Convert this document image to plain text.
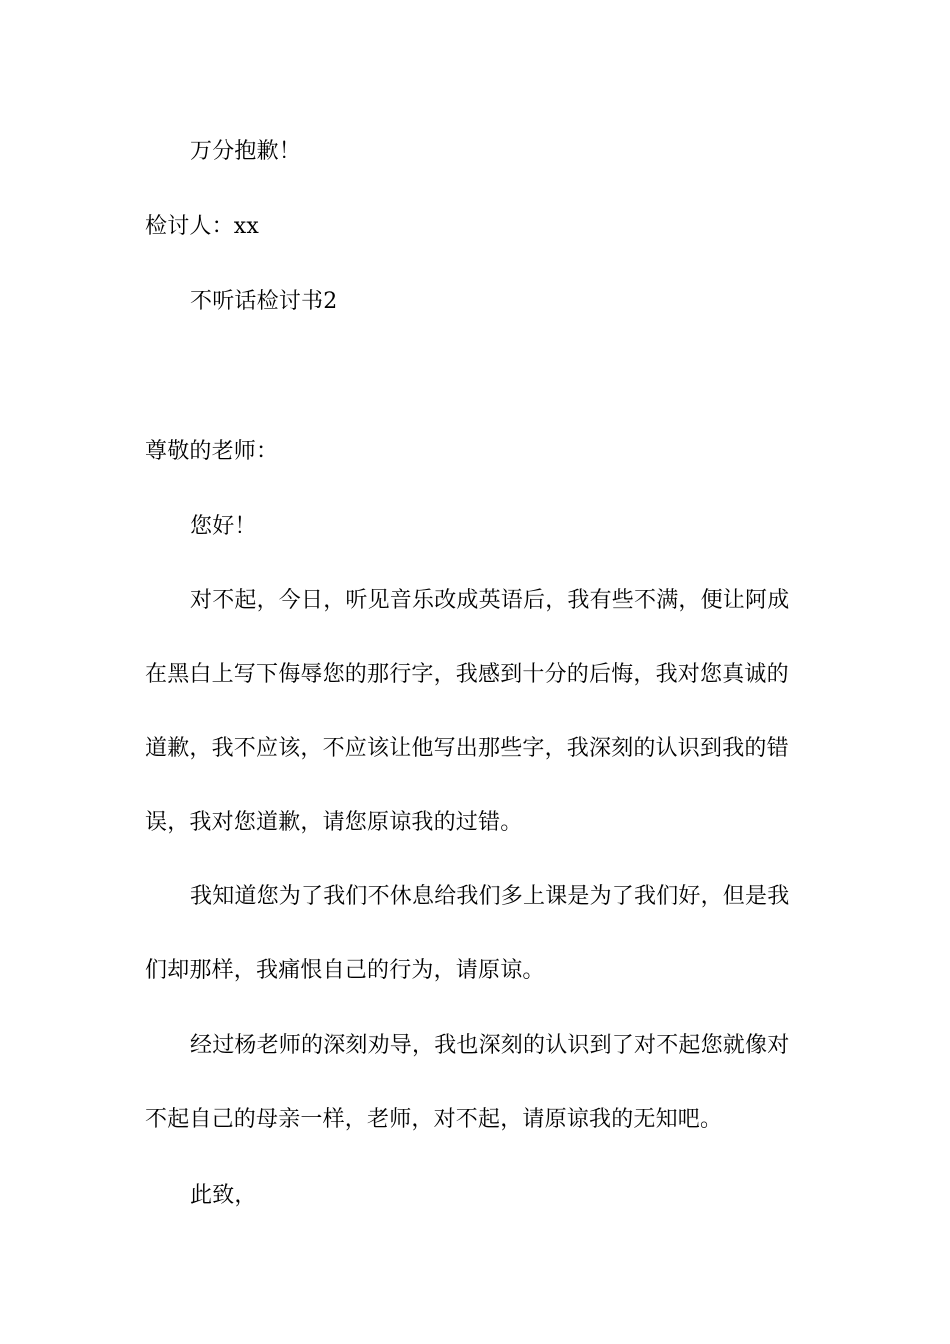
万分抱歉！
检讨人：xx
不听话检讨书2
尊敬的老师：
您好！
对不起，今日，听见音乐改成英语后，我有些不满，便让阿成
在黑白上写下侮辱您的那行字，我感到十分的后悔，我对您真诚的
道歉，我不应该，不应该让他写出那些字，我深刻的认识到我的错
误，我对您道歉，请您原谅我的过错。
我知道您为了我们不休息给我们多上课是为了我们好，但是我
们却那样，我痛恨自己的行为，请原谅。
经过杨老师的深刻劝导，我也深刻的认识到了对不起您就像对
不起自己的母亲一样，老师，对不起，请原谅我的无知吧。
此致，
